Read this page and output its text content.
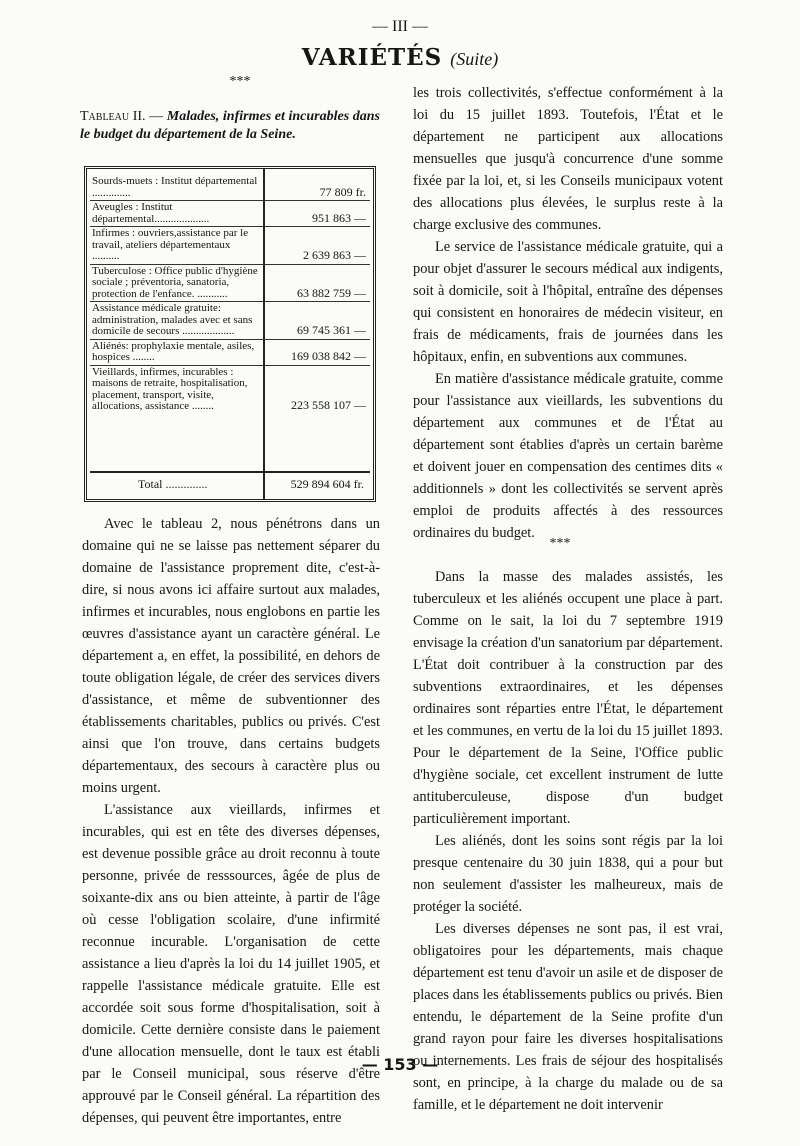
— III —
VARIÉTÉS (Suite)
***
Tableau II. — Malades, infirmes et incurables dans le budget du département de la Seine.
Sourds-muets : Institut départemental ..............	77 809 fr.
Aveugles : Institut départemental....................	951 863 —
Infirmes : ouvriers,assistance par le travail, ateliers départementaux ..........	2 639 863 —
Tuberculose : Office public d'hygiène sociale ; préventoria, sanatoria, protection de l'enfance. ...........	63 882 759 —
Assistance médicale gratuite: administration, malades avec et sans domicile de secours ...................	69 745 361 —
Aliénés: prophylaxie mentale, asiles, hospices ........	169 038 842 —
Vieillards, infirmes, incurables : maisons de retraite, hospitalisation, placement, transport, visite, allocations, assistance ........	223 558 107 —
Total ..............	529 894 604 fr.

Avec le tableau 2, nous pénétrons dans un domaine qui ne se laisse pas nettement séparer du domaine de l'assistance proprement dite, c'est-à-dire, si nous avons ici affaire surtout aux malades, infirmes et incurables, nous englobons en partie les œuvres d'assistance ayant un caractère général. Le département a, en effet, la possibilité, en dehors de toute obligation légale, de créer des services divers d'assistance, et même de subventionner des établissements charitables, publics ou privés. C'est ainsi que l'on trouve, dans certains budgets départementaux, des secours à caractère plus ou moins urgent.

L'assistance aux vieillards, infirmes et incurables, qui est en tête des diverses dépenses, est devenue possible grâce au droit reconnu à toute personne, privée de resssources, âgée de plus de soixante-dix ans ou bien atteinte, à partir de l'âge où cesse l'obligation scolaire, d'une infirmité reconnue incurable. L'organisation de cette assistance a lieu d'après la loi du 14 juillet 1905, et rappelle l'assistance médicale gratuite. Elle est accordée soit sous forme d'hospitalisation, soit à domicile. Cette dernière consiste dans le paiement d'une allocation mensuelle, dont le taux est établi par le Conseil municipal, sous réserve d'être approuvé par le Conseil général. La répartition des dépenses, qui peuvent être importantes, entre

les trois collectivités, s'effectue conformément à la loi du 15 juillet 1893. Toutefois, l'État et le département ne participent aux allocations mensuelles que jusqu'à concurrence d'une somme fixée par la loi, et, si les Conseils municipaux votent des allocations plus élevées, le surplus reste à la charge exclusive des communes.

Le service de l'assistance médicale gratuite, qui a pour objet d'assurer le secours médical aux indigents, soit à domicile, soit à l'hôpital, entraîne des dépenses qui consistent en honoraires de médecin visiteur, en frais de médicaments, frais de journées dans les hôpitaux, enfin, en subventions aux communes.

En matière d'assistance médicale gratuite, comme pour l'assistance aux vieillards, les subventions du département aux communes et de l'État au département sont établies d'après un certain barème et doivent jouer en compensation des centimes dits « additionnels » dont les collectivités se servent après emploi de produits affectés à des ressources ordinaires du budget.

***

Dans la masse des malades assistés, les tuberculeux et les aliénés occupent une place à part. Comme on le sait, la loi du 7 septembre 1919 envisage la création d'un sanatorium par département. L'État doit contribuer à la construction par des subventions extraordinaires, et les dépenses ordinaires sont réparties entre l'État, le département et les communes, en vertu de la loi du 15 juillet 1893. Pour le département de la Seine, l'Office public d'hygiène sociale, cet excellent instrument de lutte antituberculeuse, dispose d'un budget particulièrement important.

Les aliénés, dont les soins sont régis par la loi presque centenaire du 30 juin 1838, qui a pour but non seulement d'assister les malheureux, mais de protéger la société.

Les diverses dépenses ne sont pas, il est vrai, obligatoires pour les départements, mais chaque département est tenu d'avoir un asile et de disposer de places dans les établissements publics ou privés. Bien entendu, le département de la Seine profite d'un grand rayon pour faire les diverses hospitalisations ou internements. Les frais de séjour des hospitalisés sont, en principe, à la charge du malade ou de sa famille, et le département ne doit intervenir

— 153 —
